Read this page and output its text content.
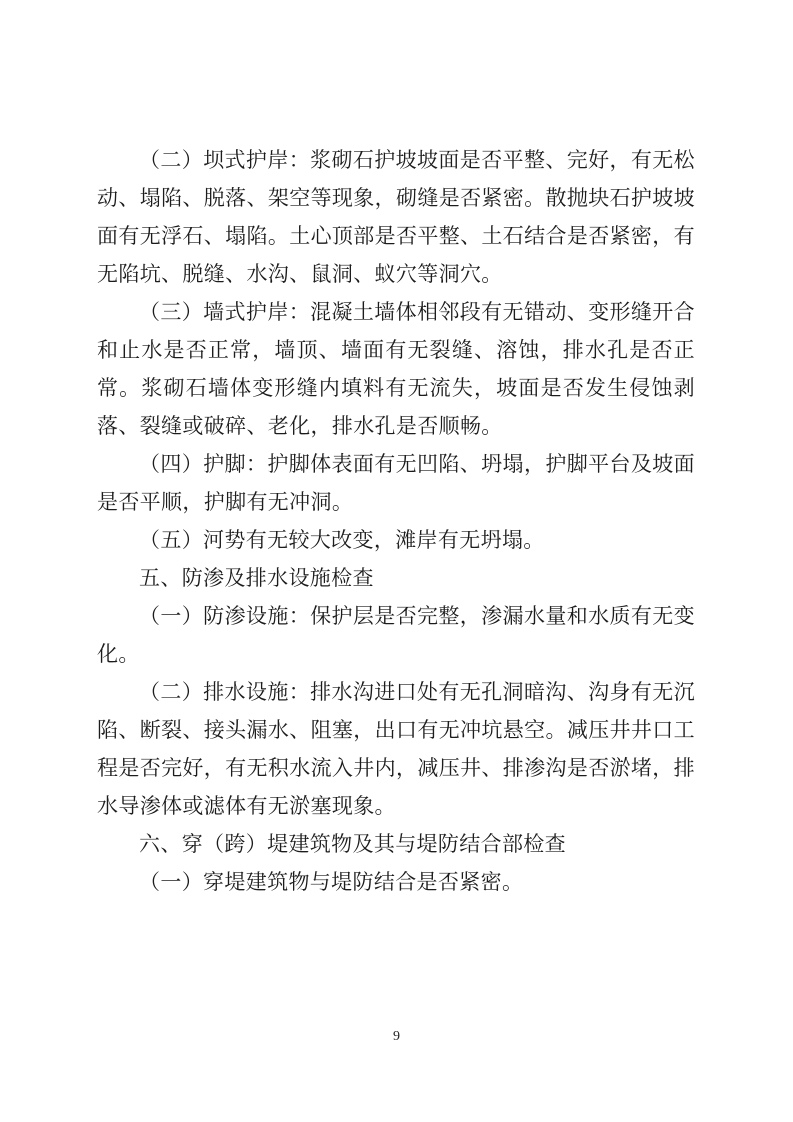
（二）坝式护岸：浆砌石护坡坡面是否平整、完好，有无松动、塌陷、脱落、架空等现象，砌缝是否紧密。散抛块石护坡坡面有无浮石、塌陷。土心顶部是否平整、土石结合是否紧密，有无陷坑、脱缝、水沟、鼠洞、蚁穴等洞穴。

（三）墙式护岸：混凝土墙体相邻段有无错动、变形缝开合和止水是否正常，墙顶、墙面有无裂缝、溶蚀，排水孔是否正常。浆砌石墙体变形缝内填料有无流失，坡面是否发生侵蚀剥落、裂缝或破碎、老化，排水孔是否顺畅。

（四）护脚：护脚体表面有无凹陷、坍塌，护脚平台及坡面是否平顺，护脚有无冲洞。

（五）河势有无较大改变，滩岸有无坍塌。

五、防渗及排水设施检查

（一）防渗设施：保护层是否完整，渗漏水量和水质有无变化。

（二）排水设施：排水沟进口处有无孔洞暗沟、沟身有无沉陷、断裂、接头漏水、阻塞，出口有无冲坑悬空。减压井井口工程是否完好，有无积水流入井内，减压井、排渗沟是否淤堵，排水导渗体或滤体有无淤塞现象。

六、穿（跨）堤建筑物及其与堤防结合部检查

（一）穿堤建筑物与堤防结合是否紧密。

9
